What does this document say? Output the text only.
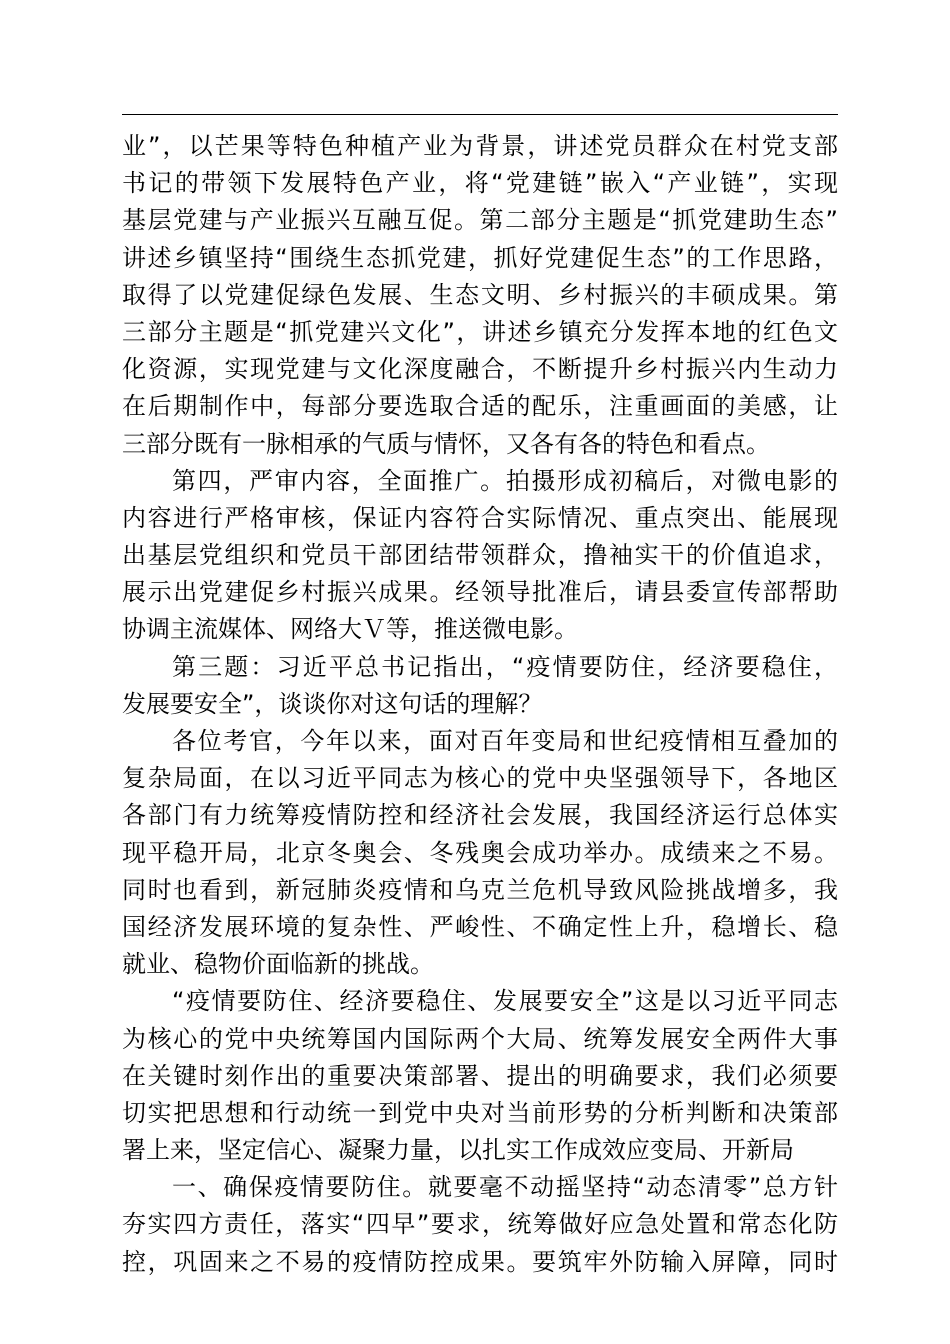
业”，以芒果等特色种植产业为背景，讲述党员群众在村党支部
书记的带领下发展特色产业，将“党建链”嵌入“产业链”，实现
基层党建与产业振兴互融互促。第二部分主题是“抓党建助生态”
讲述乡镇坚持“围绕生态抓党建，抓好党建促生态”的工作思路，
取得了以党建促绿色发展、生态文明、乡村振兴的丰硕成果。第
三部分主题是“抓党建兴文化”，讲述乡镇充分发挥本地的红色文
化资源，实现党建与文化深度融合，不断提升乡村振兴内生动力
在后期制作中，每部分要选取合适的配乐，注重画面的美感，让
三部分既有一脉相承的气质与情怀，又各有各的特色和看点。
第四，严审内容，全面推广。拍摄形成初稿后，对微电影的
内容进行严格审核，保证内容符合实际情况、重点突出、能展现
出基层党组织和党员干部团结带领群众，撸袖实干的价值追求，
展示出党建促乡村振兴成果。经领导批准后，请县委宣传部帮助
协调主流媒体、网络大Ｖ等，推送微电影。
第三题：习近平总书记指出，“疫情要防住，经济要稳住，
发展要安全”，谈谈你对这句话的理解？
各位考官，今年以来，面对百年变局和世纪疫情相互叠加的
复杂局面，在以习近平同志为核心的党中央坚强领导下，各地区
各部门有力统筹疫情防控和经济社会发展，我国经济运行总体实
现平稳开局，北京冬奥会、冬残奥会成功举办。成绩来之不易。
同时也看到，新冠肺炎疫情和乌克兰危机导致风险挑战增多，我
国经济发展环境的复杂性、严峻性、不确定性上升，稳增长、稳
就业、稳物价面临新的挑战。
“疫情要防住、经济要稳住、发展要安全”这是以习近平同志
为核心的党中央统筹国内国际两个大局、统筹发展安全两件大事
在关键时刻作出的重要决策部署、提出的明确要求，我们必须要
切实把思想和行动统一到党中央对当前形势的分析判断和决策部
署上来，坚定信心、凝聚力量，以扎实工作成效应变局、开新局
一、确保疫情要防住。就要毫不动摇坚持“动态清零”总方针
夯实四方责任，落实“四早”要求，统筹做好应急处置和常态化防
控，巩固来之不易的疫情防控成果。要筑牢外防输入屏障，同时
